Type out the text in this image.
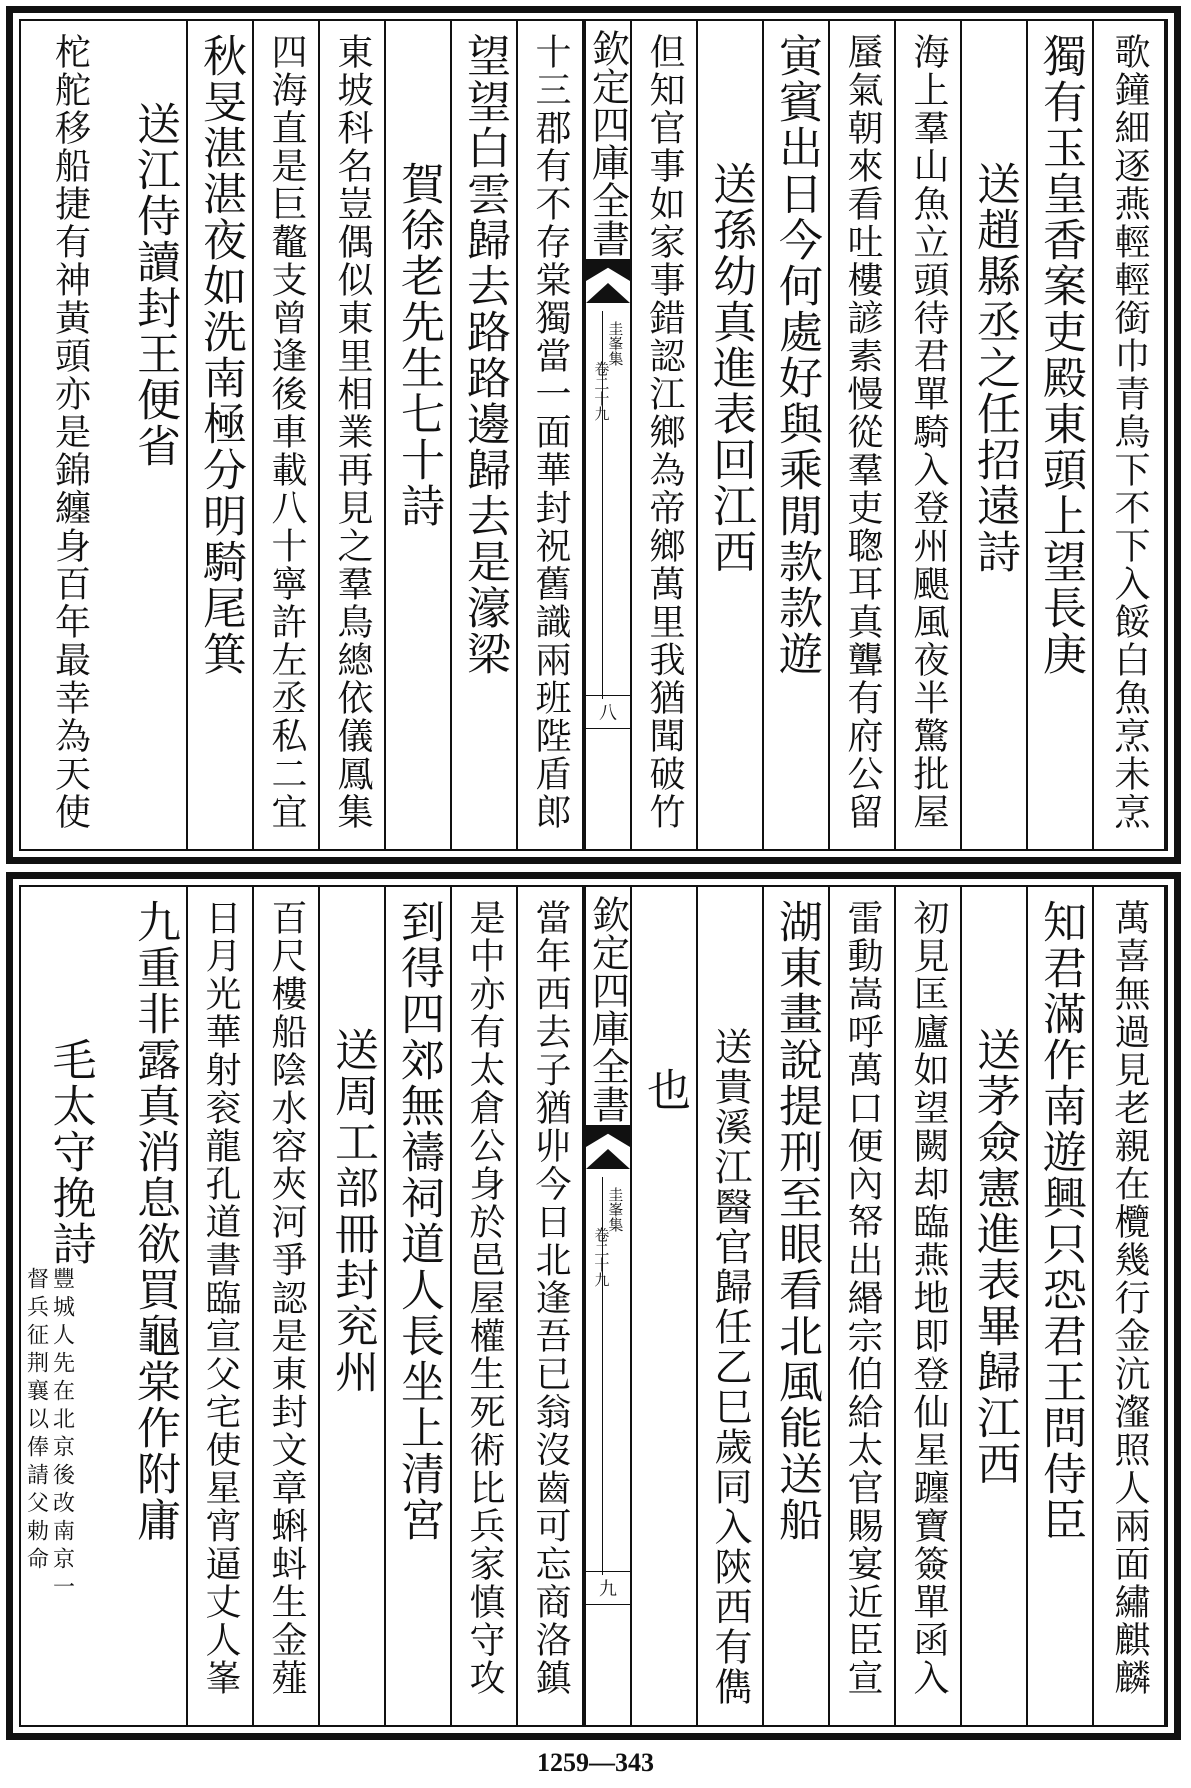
歌鐘細逐燕輕輕銜巾青鳥下不下入餒白魚烹未烹
獨有玉皇香案吏殿東頭上望長庚
送趙縣丞之任招遠詩
海上羣山魚立頭待君單騎入登州颶風夜半驚批屋
蜃氣朝來看吐樓諺素慢從羣吏聦耳真聾有府公留
寅賓出日今何處好與乘閒款款遊
送孫幼真進表回江西
但知官事如家事錯認江鄉為帝鄉萬里我猶聞破竹
欽定四庫全書
圭峯集
卷二十九
八
十三郡有不存棠獨當一面華封祝舊識兩班陛盾郎
望望白雲歸去路路邊歸去是濠梁
賀徐老先生七十詩
東坡科名豈偶似東里相業再見之羣鳥總依儀鳳集
四海直是巨鼇支曾逢後車載八十寧許左丞私二宜
秋旻湛湛夜如洗南極分明騎尾箕
送江侍讀封王便省
柁舵移船捷有神黃頭亦是錦纏身百年最幸為天使
萬喜無過見老親在欖幾行金沆瀣照人兩面繡麒麟
知君滿作南遊興只恐君王問侍臣
送茅僉憲進表畢歸江西
初見匡廬如望闕却臨燕地即登仙星躔寶簽單函入
雷動嵩呼萬口便內帑出緡宗伯給太官賜宴近臣宣
湖東畫說提刑至眼看北風能送船
送貴溪江醫官歸任乙巳歲同入陝西有儁
也
欽定四庫全書
圭峯集
卷二十九
九
當年西去子猶丱今日北逢吾已翁沒齒可忘商洛鎮
是中亦有太倉公身於邑屋權生死術比兵家慎守攻
到得四郊無禱祠道人長坐上清宮
送周工部冊封兖州
百尺樓船陰水容夾河爭認是東封文章蝌蚪生金薤
日月光華射衮龍孔道書臨宣父宅使星宵逼丈人峯
九重非露真消息欲買龜棠作附庸
毛太守挽詩
豐城人先在北京後改南京一
督兵征荆襄以俸請父勅命
1259—343
